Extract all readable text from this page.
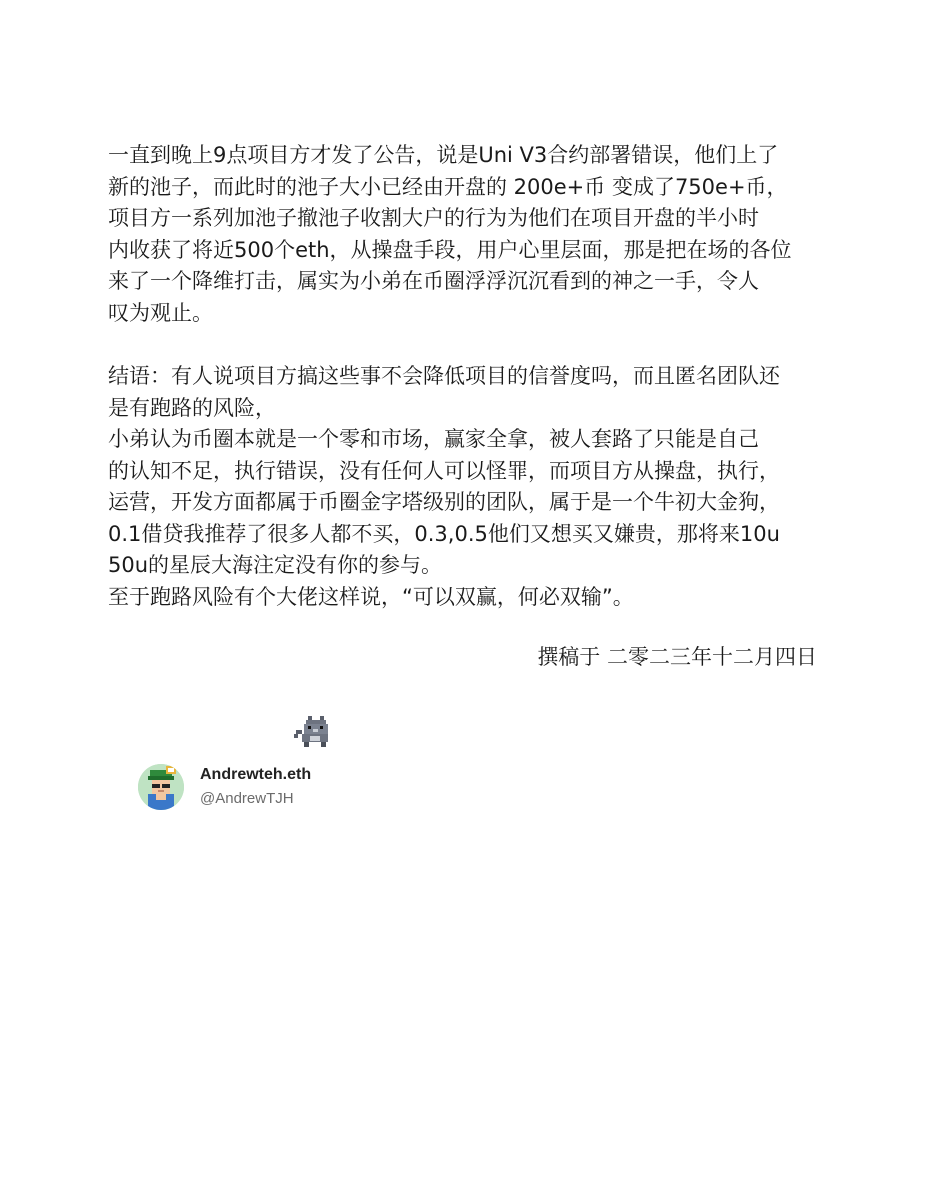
一直到晚上9点项目方才发了公告，说是Uni V3合约部署错误，他们上了
新的池子，而此时的池子大小已经由开盘的 200e+币 变成了750e+币，
项目方一系列加池子撤池子收割大户的行为为他们在项目开盘的半小时
内收获了将近500个eth，从操盘手段，用户心里层面，那是把在场的各位
来了一个降维打击，属实为小弟在币圈浮浮沉沉看到的神之一手，令人
叹为观止。

结语：有人说项目方搞这些事不会降低项目的信誉度吗，而且匿名团队还
是有跑路的风险，
小弟认为币圈本就是一个零和市场，赢家全拿，被人套路了只能是自己
的认知不足，执行错误，没有任何人可以怪罪，而项目方从操盘，执行，
运营，开发方面都属于币圈金字塔级别的团队，属于是一个牛初大金狗，
0.1借贷我推荐了很多人都不买，0.3,0.5他们又想买又嫌贵，那将来10u
50u的星辰大海注定没有你的参与。
至于跑路风险有个大佬这样说，“可以双赢，何必双输”。

撰稿于 二零二三年十二月四日
Andrewteh.eth
@AndrewTJH
